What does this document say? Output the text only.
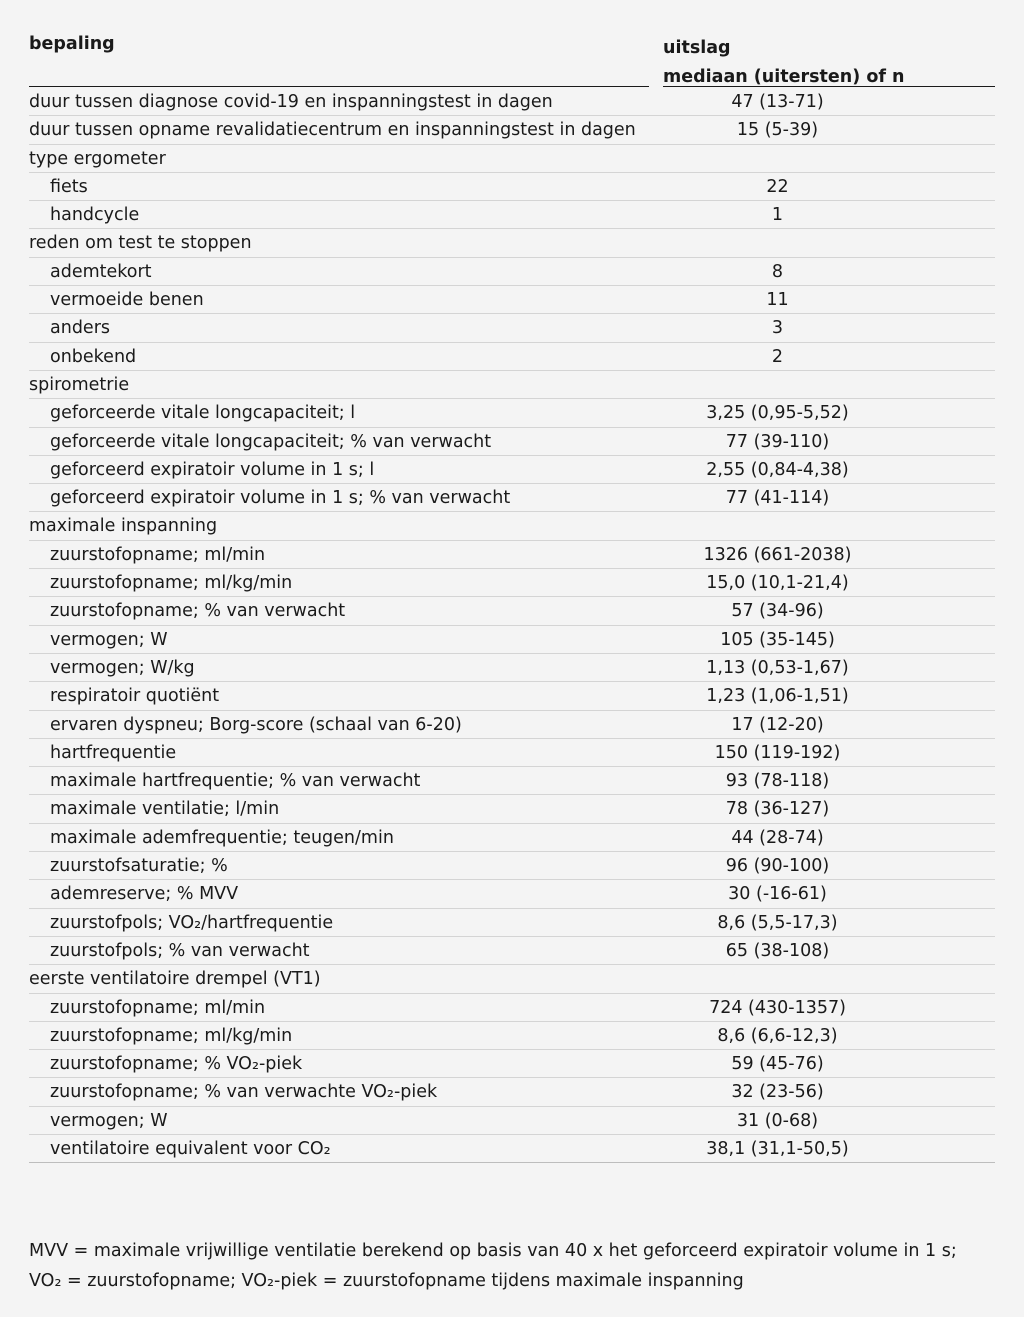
bepaling	uitslag
mediaan (uitersten) of n
duur tussen diagnose covid-19 en inspanningstest in dagen	47 (13-71)
duur tussen opname revalidatiecentrum en inspanningstest in dagen	15 (5-39)
type ergometer
fiets	22
handcycle	1
reden om test te stoppen
ademtekort	8
vermoeide benen	11
anders	3
onbekend	2
spirometrie
geforceerde vitale longcapaciteit; l	3,25 (0,95-5,52)
geforceerde vitale longcapaciteit; % van verwacht	77 (39-110)
geforceerd expiratoir volume in 1 s; l	2,55 (0,84-4,38)
geforceerd expiratoir volume in 1 s; % van verwacht	77 (41-114)
maximale inspanning
zuurstofopname; ml/min	1326 (661-2038)
zuurstofopname; ml/kg/min	15,0 (10,1-21,4)
zuurstofopname; % van verwacht	57 (34-96)
vermogen; W	105 (35-145)
vermogen; W/kg	1,13 (0,53-1,67)
respiratoir quotiënt	1,23 (1,06-1,51)
ervaren dyspneu; Borg-score (schaal van 6-20)	17 (12-20)
hartfrequentie	150 (119-192)
maximale hartfrequentie; % van verwacht	93 (78-118)
maximale ventilatie; l/min	78 (36-127)
maximale ademfrequentie; teugen/min	44 (28-74)
zuurstofsaturatie; %	96 (90-100)
ademreserve; % MVV	30 (-16-61)
zuurstofpols; VO₂/hartfrequentie	8,6 (5,5-17,3)
zuurstofpols; % van verwacht	65 (38-108)
eerste ventilatoire drempel (VT1)
zuurstofopname; ml/min	724 (430-1357)
zuurstofopname; ml/kg/min	8,6 (6,6-12,3)
zuurstofopname; % VO₂-piek	59 (45-76)
zuurstofopname; % van verwachte VO₂-piek	32 (23-56)
vermogen; W	31 (0-68)
ventilatoire equivalent voor CO₂	38,1 (31,1-50,5)
MVV = maximale vrijwillige ventilatie berekend op basis van 40 x het geforceerd expiratoir volume in 1 s;
VO₂ = zuurstofopname; VO₂-piek = zuurstofopname tijdens maximale inspanning
